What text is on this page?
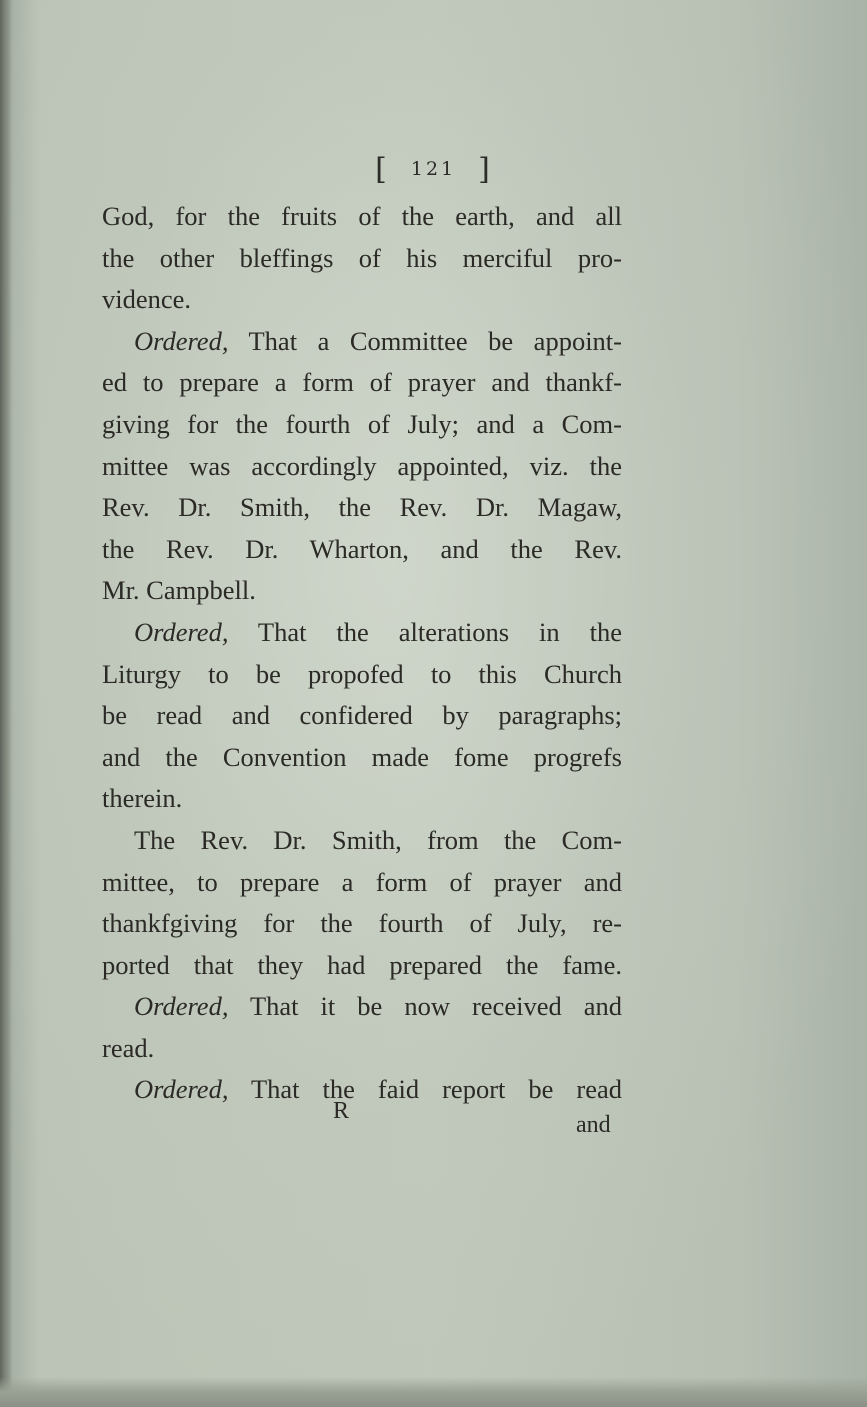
[ 121 ]
God, for the fruits of the earth, and all
the other bleffings of his merciful pro-
vidence.
Ordered, That a Committee be appoint-
ed to prepare a form of prayer and thankf-
giving for the fourth of July; and a Com-
mittee was accordingly appointed, viz. the
Rev. Dr. Smith, the Rev. Dr. Magaw,
the Rev. Dr. Wharton, and the Rev.
Mr. Campbell.
Ordered, That the alterations in the
Liturgy to be propofed to this Church
be read and confidered by paragraphs;
and the Convention made fome progrefs
therein.
The Rev. Dr. Smith, from the Com-
mittee, to prepare a form of prayer and
thankfgiving for the fourth of July, re-
ported that they had prepared the fame.
Ordered, That it be now received and
read.
Ordered, That the faid report be read
R
and
